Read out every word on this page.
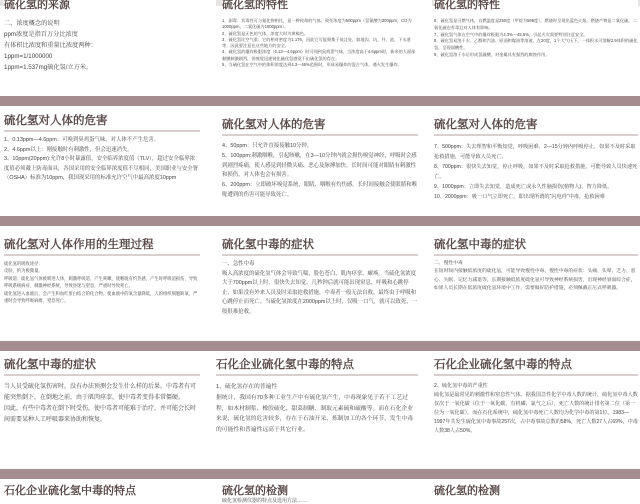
硫化氢的来源
二、浓度概念的说明
ppm浓度是指百万分比浓度
有体积比浓度和重量比浓度两种：
1ppm=1/1000000
1ppm=1.537mg硫化氢/立方米。
硫化氢的特性
1、剧毒：其毒性可与氰化物相比，是一种致命的气体。致死浓度为500ppm（氢氰酸为300ppm，CO为1000ppm，二氧化硫为1000ppm）。
2、硫化氢是无色的气体，浓度大时为黄褐色。
3、硫化氢比空气重：它的相对密度为1.176，因此它可能聚集于低洼处，如地沟、坑、井、池、下水道等，因此要注意在这些地方的安全。
4、硫化氢的爆炸极限浓度（0.13～4.6ppm）时可闻到臭鸡蛋气味，当浓度高于4.6ppm时，新来的人面部黏膜刺激剧烈，但嗅觉迅速钝化硫化氢感觉不出硫化氢的存在。
5、当硫化氢在空气中的体积浓度达到4.3～46%范围时，形成易爆炸的混合气体，遇火发生爆炸。
硫化氢的特性
6、硫化氢是可燃气体，自燃温度是250度（甲烷为595度），燃烧时呈现出蓝色火焰，燃烧产物是二氧化硫，二氧化硫也有毒且对人体有影响。
7、硫化氢气体在空气中的爆炸极限为4.3%～45.5%，引起火灾需要特别注意安全。
8、硫化氢易溶于水、乙醇和汽油、原油和煤油等溶液，在20度，1个大气压下，一体积水可溶解2.9体积的硫化氢，呈现弱酸性。
9、硫化氢溶于水后形成氢硫酸，对金属具有强烈的腐蚀作用。
硫化氢对人体的危害
1、0.13ppm—4.6ppm：可嗅到臭鸡蛋气味，对人体不产生危害。
2、4.6ppm以上：刚接触时有刺激性，但会迅速消失。
3、10ppm(20ppm):允许8小时暴露值，安全临界浓度值（TLV），超过安全临界浓度值必须戴上防毒面具，各国采用的安全临界浓度值不尽相同，美国职业与安全署（OSHA）标准为10ppm，我国现采用的标准允许空气中最高浓度10ppm
硫化氢对人体的危害
4、50ppm：只允许直接接触10分钟。
5、100ppm:刺激咽喉，引起咳嗽，在3—10分钟内就会损伤嗅觉神经，呼吸时会感到剧烈疼痛，使人感觉到轻微头痛、恶心及脉搏加快。长时间可能对眼睛有刺激性和损伤，对人体也会有损害。
6、200ppm：立即破坏嗅觉系统，眼睛、咽喉有灼伤感。长时间接触会使眼睛和喉咙遭到的伤害可能导致死亡。
硫化氢对人体的危害
7、500ppm：失去理智和平衡知觉，呼吸困难，2—15分钟内呼吸停止，如果不及时采取抢救措施，可能导致人员死亡。
8、700ppm：很快失去知觉，停止呼吸，如果不及时采取抢救措施，可能导致人员快速死亡。
9、1000ppm：立即失去知觉，造成死亡或永久性脑损伤(植物人)，智力降低。
10、2000ppm：吸一口气立即死亡，即出现所谓的“闪电样”中毒，抢救困难
硫化氢对人体作用的生理过程
硫化氢的吸收途径：
皮肤、约为极微量。
呼吸道：硫化氢气体被吸进人体，刺激呼吸道、产生咳嗽、使喉咙有灼热感，产生时呼吸道损伤、导致呼吸系统病症，刺激神经系统，导致昏迷与窒息，严重时导致死亡。
硫化氢进入血液后，会产生和血红蛋白结合的化合物，使血液中的氧含量降低，人的组织细胞缺氧，严重时会导致呼吸麻痹，窒息死亡。
硫化氢中毒的症状
一、急性中毒
吸入高浓度的硫化氢气体会导致气喘、脸色苍白、肌肉痉挛、瘫痪。当硫化氢浓度大于700ppm以上时，很快失去知觉，几秒钟后就可能出现窒息，呼吸和心跳停止，如果没有外来人员及时采取抢救措施，中毒者一般无法自救，最终由于呼吸和心跳停止而死亡。当硫化氢浓度在2000ppm以上时，仅吸一口气，就可以致死，一般很难抢救。
硫化氢中毒的症状
二、慢性中毒
在短时间内接触低浓度的硫化氢，可能导致慢性中毒。慢性中毒的症状：头痛、头晕、乏力、恶心、失眠、记忆力减退等，长期接触低浓度硫化氢可导致神经系统损害，出现神经衰弱综合症，如果人员长期在低浓度硫化氢环境中工作，需要做好防护措施，必须佩戴正压式呼吸器。
硫化氢中毒的症状
当人员受硫化氢伤害时，没有办法预测会发生什么样的后果。中毒者有可能突然倒下，在倒地之前，由于肌肉痉挛，使中毒者变得非常僵硬。
因此，有些中毒者在倒下时受伤，使中毒者可能难于治疗，并可能会长时间需要某种人工呼吸器来协助和恢复。
石化企业硫化氢中毒的特点
1、硫化氢存在的普遍性
据统计，我国有70多种工业生产中有硫化氢产生，中毒现象见于若干工艺过程，如木材制浆、橡胶硫化、甜菜制糖、制取元素硫和硫酸等。而在石化企业来说，硫化氢的危害较多，存在于石油开采、炼制加工的各个环节，发生中毒的可能性和普遍性远高于其它行业。
石化企业硫化氢中毒的特点
2、硫化氢中毒的严重性
硫化氢是最常见的刺激性和窒息性气体，据我国急性化学中毒人数的统计，硫化氢中毒人数仅次于一氧化碳（位于一氧化碳、有机磷、氯气之后），死亡人数的统计排名第二位（第一位为一氧化碳）。而在石化系统中，硫化氢中毒死亡人数均为化学中毒的第1位。1983—1997年共发生硫化氢中毒事故257次，占中毒事故总数的58%，死亡人数27人占69%，中毒人数38人占50%。
石化企业硫化氢中毒的特点	硫化氢的检测
硫化氢检测仪器的特点及选用方法……
硫化氢的检测
